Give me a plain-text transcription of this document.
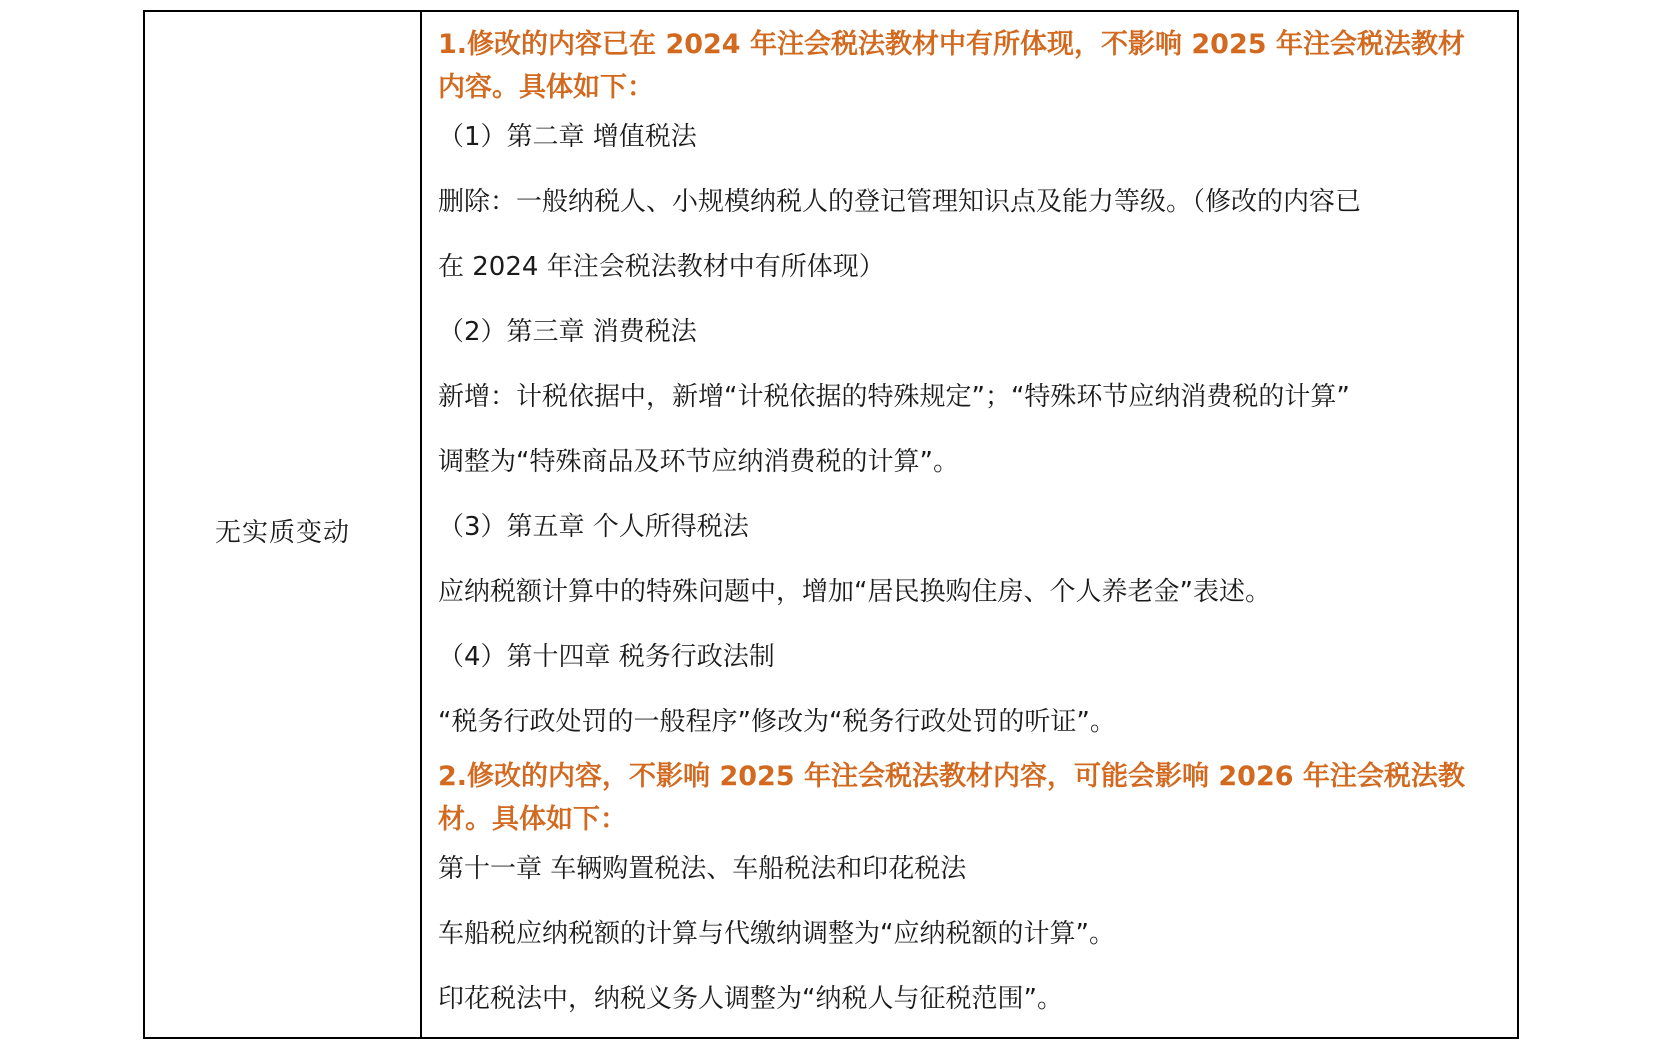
无实质变动
1.修改的内容已在 2024 年注会税法教材中有所体现，不影响 2025 年注会税法教材
内容。具体如下：
（1）第二章 增值税法
删除：一般纳税人、小规模纳税人的登记管理知识点及能力等级。（修改的内容已
在 2024 年注会税法教材中有所体现）
（2）第三章 消费税法
新增：计税依据中，新增“计税依据的特殊规定”；“特殊环节应纳消费税的计算”
调整为“特殊商品及环节应纳消费税的计算”。
（3）第五章 个人所得税法
应纳税额计算中的特殊问题中，增加“居民换购住房、个人养老金”表述。
（4）第十四章 税务行政法制
“税务行政处罚的一般程序”修改为“税务行政处罚的听证”。
2.修改的内容，不影响 2025 年注会税法教材内容，可能会影响 2026 年注会税法教
材。具体如下：
第十一章 车辆购置税法、车船税法和印花税法
车船税应纳税额的计算与代缴纳调整为“应纳税额的计算”。
印花税法中，纳税义务人调整为“纳税人与征税范围”。
